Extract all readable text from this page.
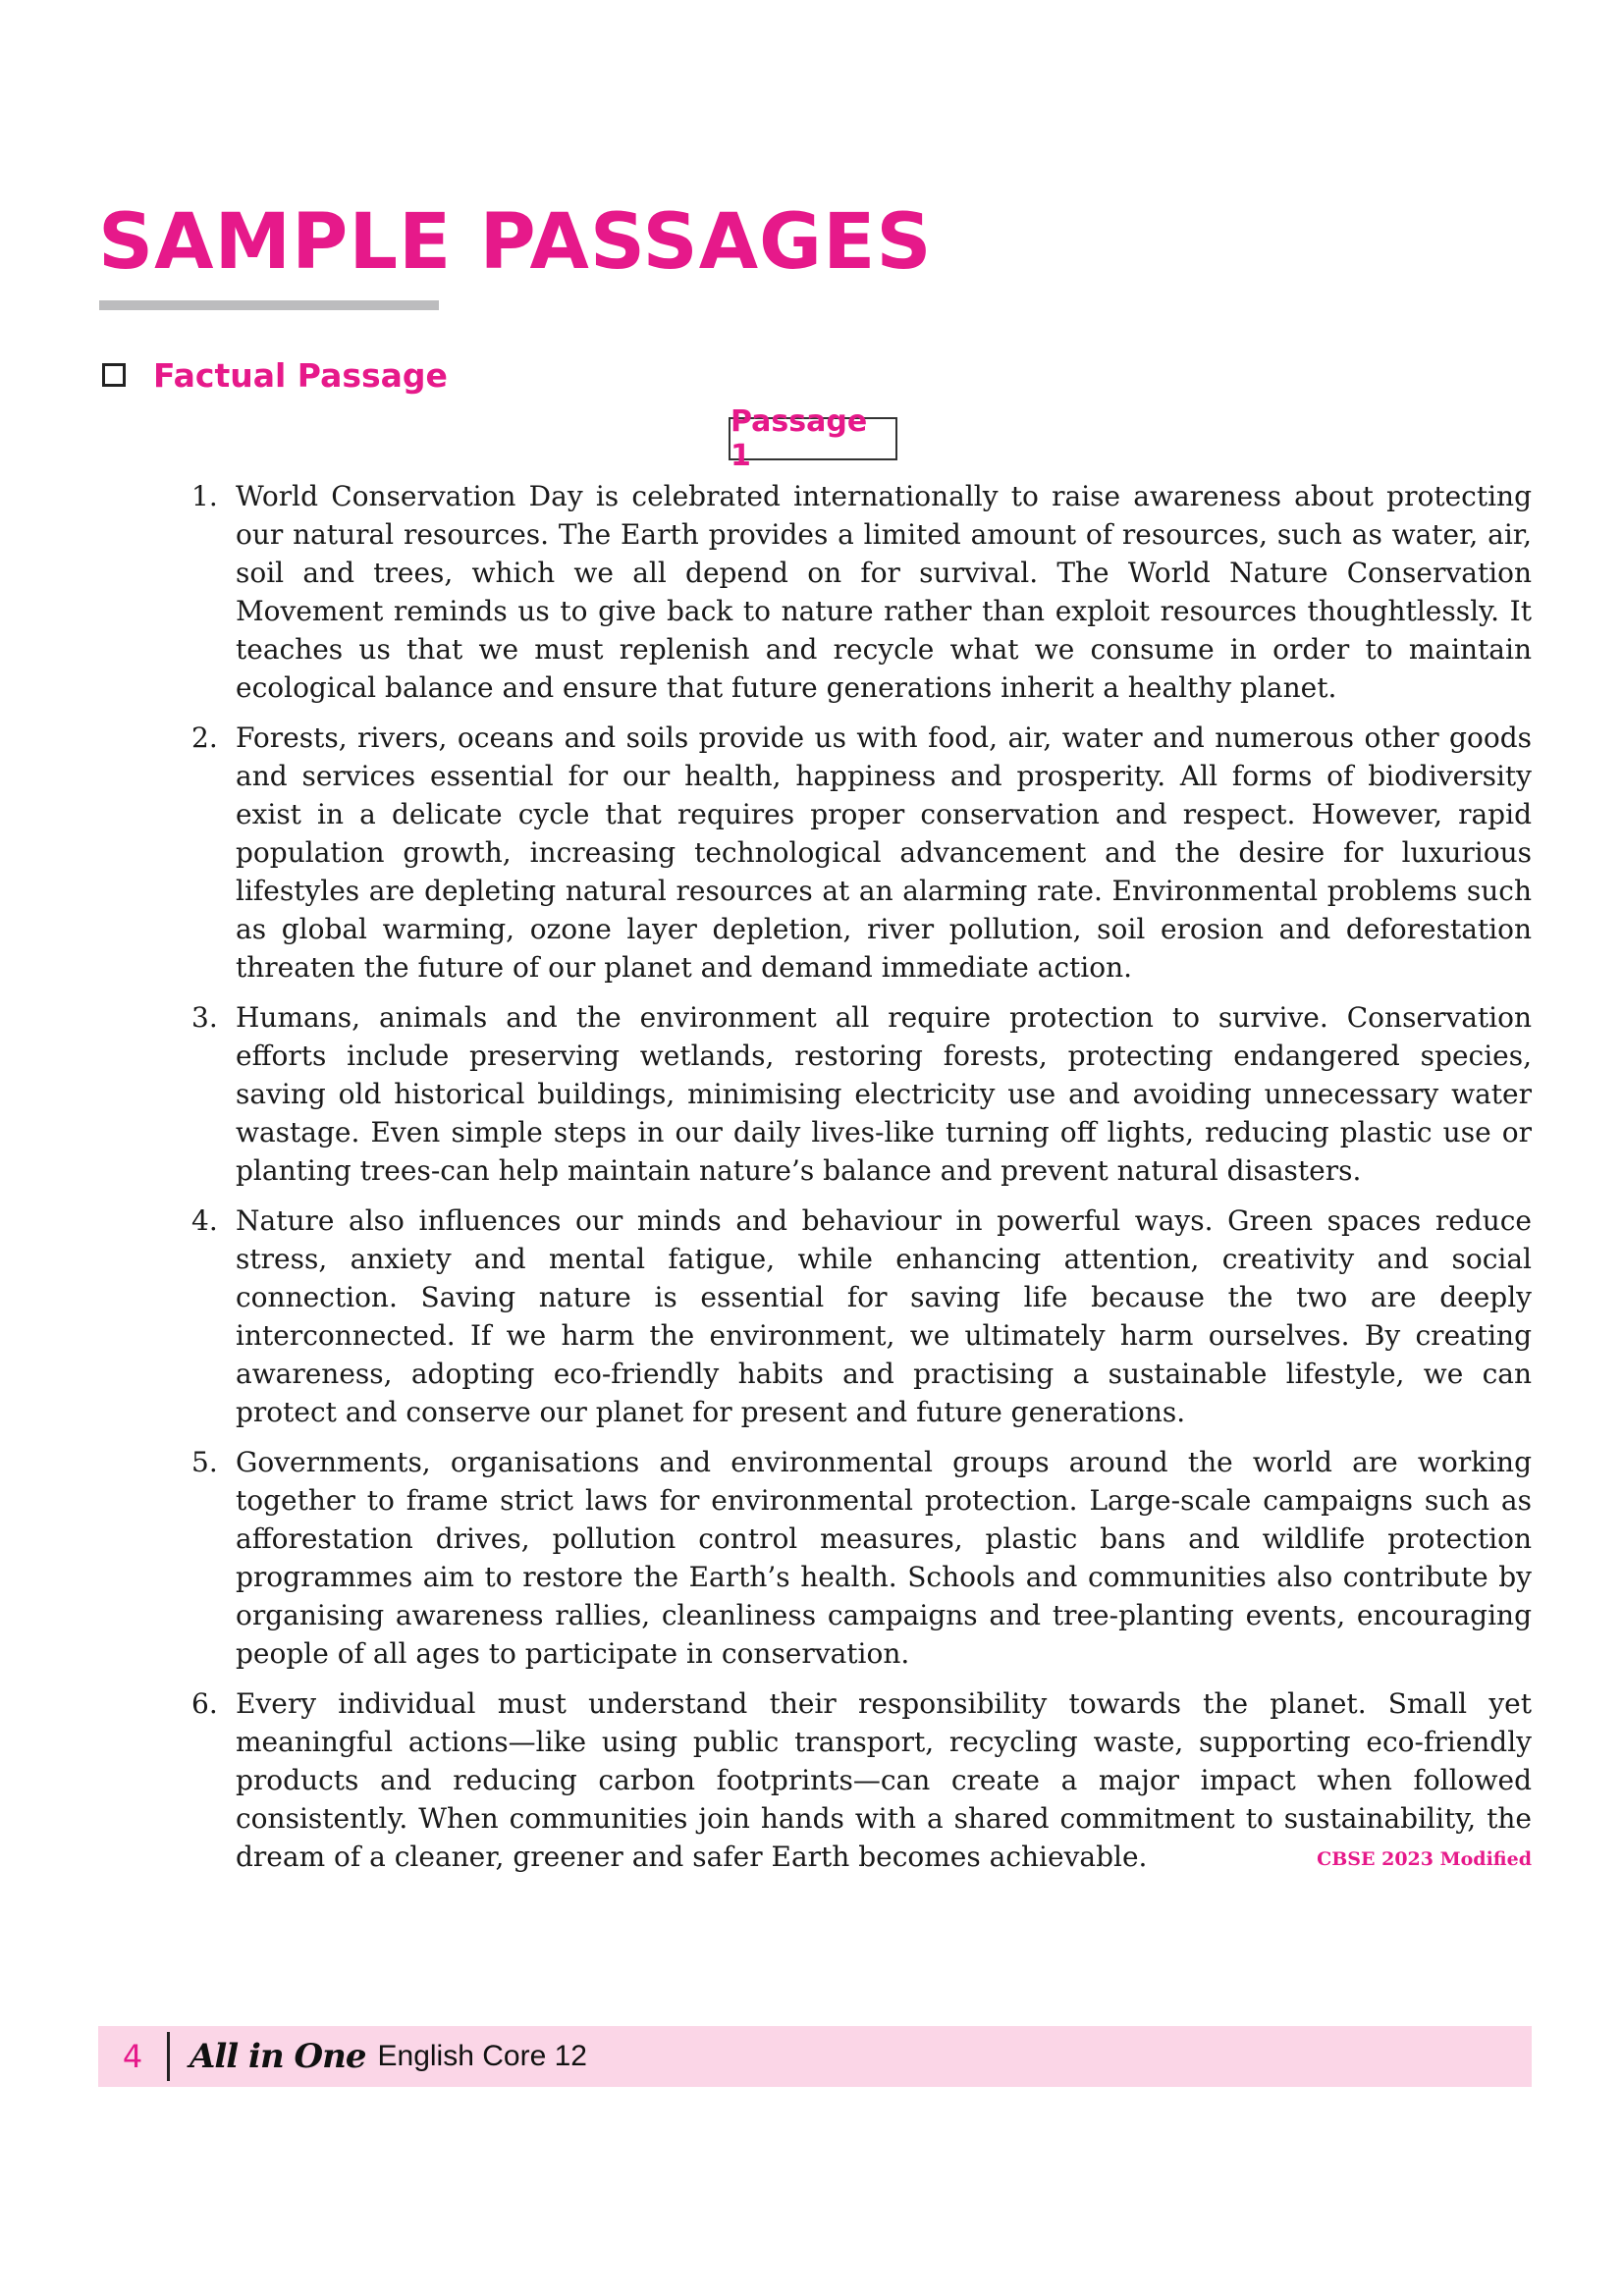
SAMPLE PASSAGES
Factual Passage
Passage 1
1. World Conservation Day is celebrated internationally to raise awareness about protecting our natural resources. The Earth provides a limited amount of resources, such as water, air, soil and trees, which we all depend on for survival. The World Nature Conservation Movement reminds us to give back to nature rather than exploit resources thoughtlessly. It teaches us that we must replenish and recycle what we consume in order to maintain ecological balance and ensure that future generations inherit a healthy planet.

2. Forests, rivers, oceans and soils provide us with food, air, water and numerous other goods and services essential for our health, happiness and prosperity. All forms of biodiversity exist in a delicate cycle that requires proper conservation and respect. However, rapid population growth, increasing technological advancement and the desire for luxurious lifestyles are depleting natural resources at an alarming rate. Environmental problems such as global warming, ozone layer depletion, river pollution, soil erosion and deforestation threaten the future of our planet and demand immediate action.

3. Humans, animals and the environment all require protection to survive. Conservation efforts include preserving wetlands, restoring forests, protecting endangered species, saving old historical buildings, minimising electricity use and avoiding unnecessary water wastage. Even simple steps in our daily lives-like turning off lights, reducing plastic use or planting trees-can help maintain nature’s balance and prevent natural disasters.

4. Nature also influences our minds and behaviour in powerful ways. Green spaces reduce stress, anxiety and mental fatigue, while enhancing attention, creativity and social connection. Saving nature is essential for saving life because the two are deeply interconnected. If we harm the environment, we ultimately harm ourselves. By creating awareness, adopting eco-friendly habits and practising a sustainable lifestyle, we can protect and conserve our planet for present and future generations.

5. Governments, organisations and environmental groups around the world are working together to frame strict laws for environmental protection. Large-scale campaigns such as afforestation drives, pollution control measures, plastic bans and wildlife protection programmes aim to restore the Earth’s health. Schools and communities also contribute by organising awareness rallies, cleanliness campaigns and tree-planting events, encouraging people of all ages to participate in conservation.

6. Every individual must understand their responsibility towards the planet. Small yet meaningful actions—like using public transport, recycling waste, supporting eco-friendly products and reducing carbon footprints—can create a major impact when followed consistently. When communities join hands with a shared commitment to sustainability, the dream of a cleaner, greener and safer Earth becomes achievable.	CBSE 2023 Modified
4	All in One English Core 12
